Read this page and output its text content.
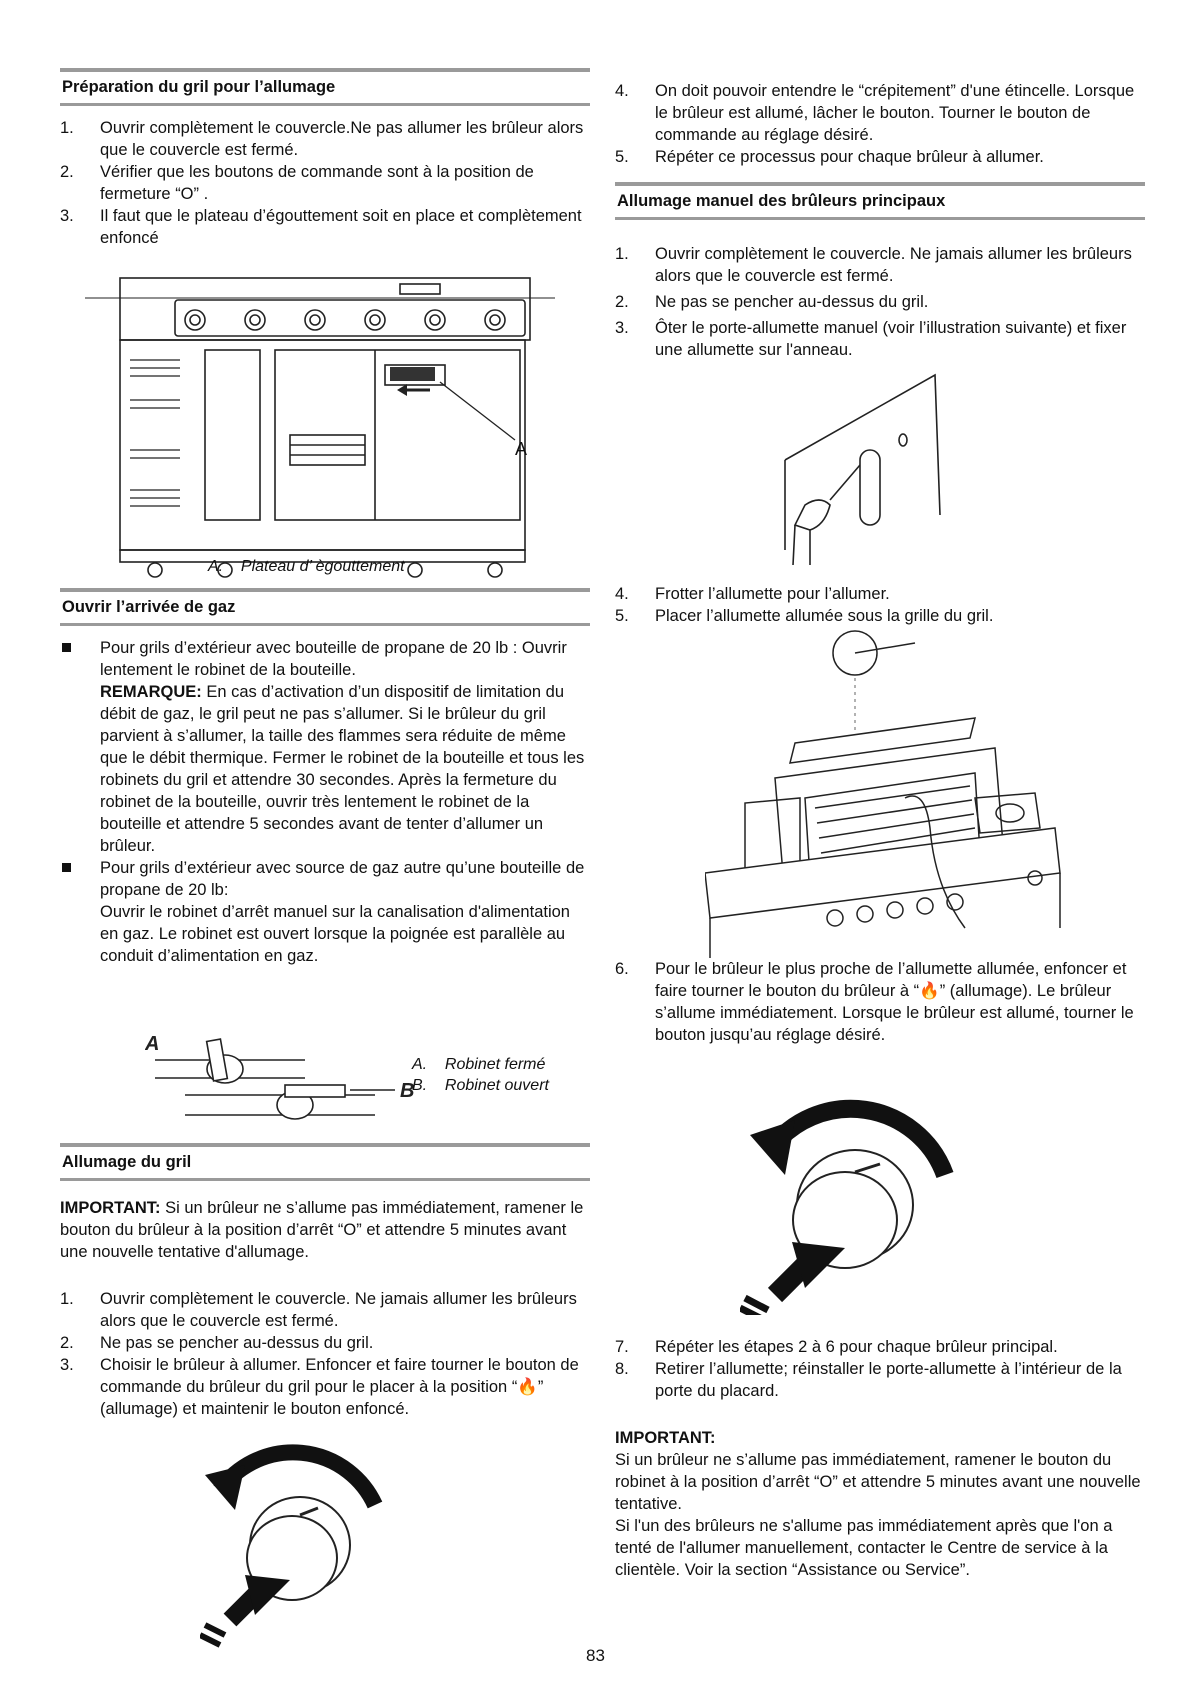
Préparation du gril pour l’allumage

1. Ouvrir complètement le couvercle.Ne pas allumer les brûleur alors que le couvercle est fermé.

2. Vérifier que les boutons de commande sont à la position de fermeture “O” .

3. Il faut que le plateau d’égouttement soit en place et complètement enfoncé

A
A. Plateau d’ ègouttement
Ouvrir l’arrivée de gaz
Pour grils d’extérieur avec bouteille de propane de 20 lb : Ouvrir lentement le robinet de la bouteille.
REMARQUE: En cas d’activation d’un dispositif de limitation du débit de gaz, le gril peut ne pas s’allumer. Si le brûleur du gril parvient à s’allumer, la taille des flammes sera réduite de même que le débit thermique. Fermer le robinet de la bouteille et tous les robinets du gril et attendre 30 secondes. Après la fermeture du robinet de la bouteille, ouvrir très lentement le robinet de la bouteille et attendre 5 secondes avant de tenter d’allumer un brûleur.
Pour grils d’extérieur avec source de gaz autre qu’une bouteille de propane de 20 lb:
Ouvrir le robinet d’arrêt manuel sur la canalisation d'alimentation en gaz. Le robinet est ouvert lorsque la poignée est parallèle au conduit d’alimentation en gaz.
A
B
A. Robinet fermé
B. Robinet ouvert
Allumage du gril
IMPORTANT: Si un brûleur ne s’allume pas immédiatement, ramener le bouton du brûleur à la position d’arrêt “O” et attendre 5 minutes avant une nouvelle tentative d'allumage.

1. Ouvrir complètement le couvercle. Ne jamais allumer les brûleurs alors que le couvercle est fermé.

2. Ne pas se pencher au-dessus du gril.

3. Choisir le brûleur à allumer. Enfoncer et faire tourner le bouton de commande du brûleur du gril pour le placer à la position “🔥” (allumage) et maintenir le bouton enfoncé.

4. On doit pouvoir entendre le “crépitement” d'une étincelle. Lorsque le brûleur est allumé, lâcher le bouton. Tourner le bouton de commande au réglage désiré.

5. Répéter ce processus pour chaque brûleur à allumer.

Allumage manuel des brûleurs principaux

1. Ouvrir complètement le couvercle. Ne jamais allumer les brûleurs alors que le couvercle est fermé.

2. Ne pas se pencher au-dessus du gril.

3. Ôter le porte-allumette manuel (voir l’illustration suivante) et fixer une allumette sur l'anneau.

4. Frotter l’allumette pour l’allumer.

5. Placer l’allumette allumée sous la grille du gril.

6. Pour le brûleur le plus proche de l’allumette allumée, enfoncer et faire tourner le bouton du brûleur à “🔥” (allumage). Le brûleur s’allume immédiatement. Lorsque le brûleur est allumé, tourner le bouton jusqu’au réglage désiré.

7. Répéter les étapes 2 à 6 pour chaque brûleur principal.

8. Retirer l’allumette; réinstaller le porte-allumette à l’intérieur de la porte du placard.

IMPORTANT:
Si un brûleur ne s’allume pas immédiatement, ramener le bouton du robinet à la position d’arrêt “O” et attendre 5 minutes avant une nouvelle tentative.
Si l'un des brûleurs ne s'allume pas immédiatement après que l'on a tenté de l'allumer manuellement, contacter le Centre de service à la clientèle. Voir la section “Assistance ou Service”.
83
